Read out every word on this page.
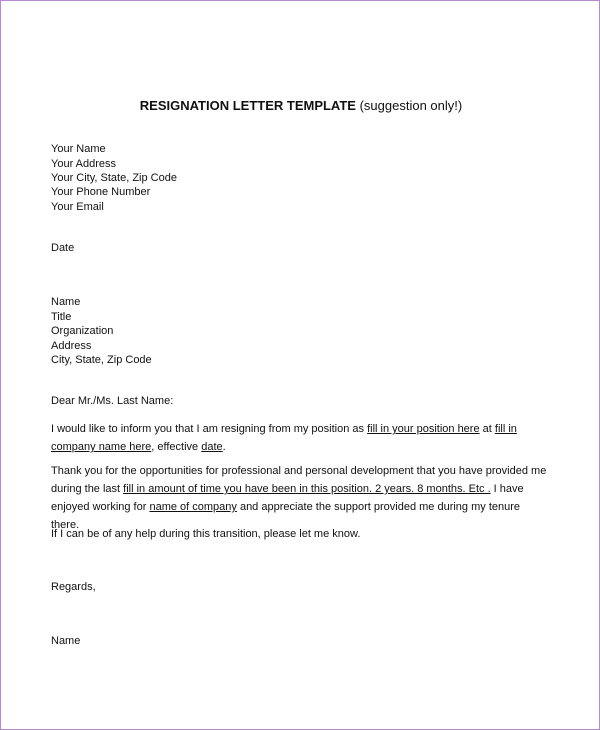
RESIGNATION LETTER TEMPLATE (suggestion only!)
Your Name
Your Address
Your City, State, Zip Code
Your Phone Number
Your Email
Date
Name
Title
Organization
Address
City, State, Zip Code
Dear Mr./Ms. Last Name:
I would like to inform you that I am resigning from my position as fill in your position here at fill in company name here, effective date.
Thank you for the opportunities for professional and personal development that you have provided me during the last fill in amount of time you have been in this position. 2 years. 8 months. Etc . I have enjoyed working for name of company and appreciate the support provided me during my tenure there.
If I can be of any help during this transition, please let me know.
Regards,
Name
